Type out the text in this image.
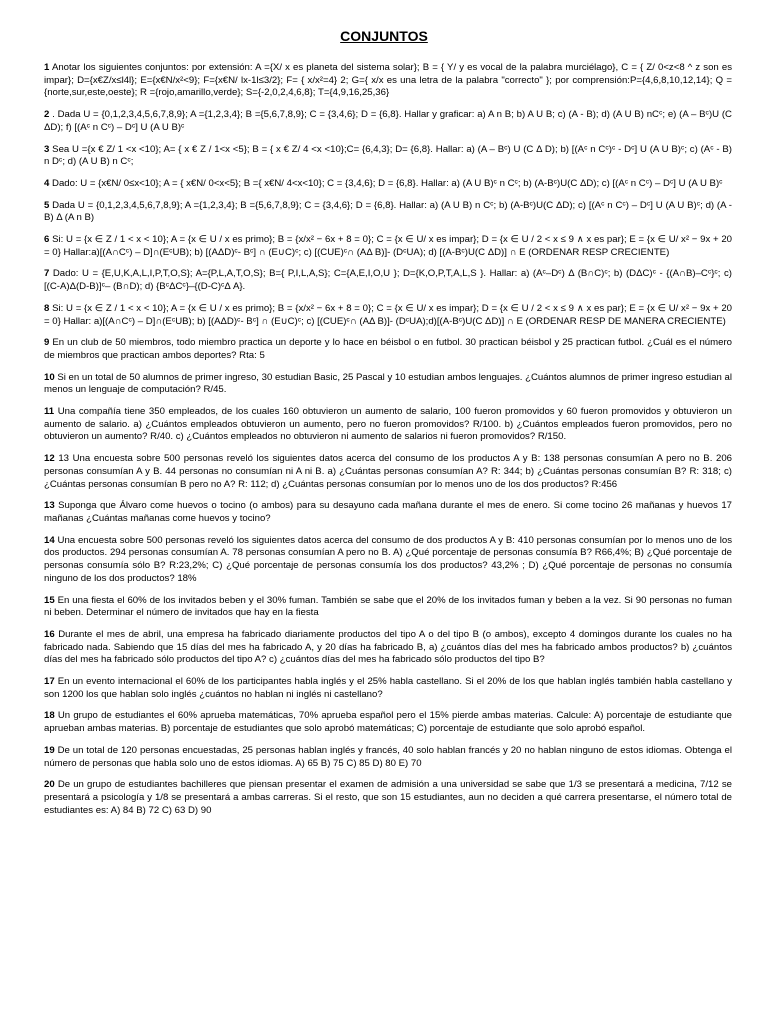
CONJUNTOS

1 Anotar los siguientes conjuntos: por extensión: A ={X/ x es planeta del sistema solar}; B = { Y/ y es vocal de la palabra murciélago}, C = { Z/ 0<z<8 ^ z son es impar}; D={x€Z/x≤l4l}; E={x€N/x²<9}; F={x€N/ lx-1l≤3/2}; F= { x/x²=4} 2; G={ x/x es una letra de la palabra "correcto" }; por comprensión:P={4,6,8,10,12,14}; Q ={norte,sur,este,oeste}; R ={rojo,amarillo,verde}; S={-2,0,2,4,6,8}; T={4,9,16,25,36}

2 . Dada U = {0,1,2,3,4,5,6,7,8,9}; A ={1,2,3,4}; B ={5,6,7,8,9}; C = {3,4,6}; D = {6,8}. Hallar y graficar: a) A n B; b) A U B; c) (A - B); d) (A U B) nCᶜ; e) (A – Bᶜ)U (C ΔD); f) [(Aᶜ n Cᶜ) – Dᶜ] U (A U B)ᶜ

3 Sea U ={x € Z/ 1 <x <10}; A= { x € Z / 1<x <5}; B = { x € Z/ 4 <x <10};C= {6,4,3}; D= {6,8}. Hallar: a) (A – Bᶜ) U (C Δ D); b) [(Aᶜ n Cᶜ)ᶜ - Dᶜ] U (A U B)ᶜ; c) (Aᶜ - B) n Dᶜ; d) (A U B) n Cᶜ;

4 Dado: U = {x€N/ 0≤x<10}; A = { x€N/ 0<x<5}; B ={ x€N/ 4<x<10}; C = {3,4,6}; D = {6,8}. Hallar: a) (A U B)ᶜ n Cᶜ; b) (A-Bᶜ)U(C ΔD); c) [(Aᶜ n Cᶜ) – Dᶜ] U (A U B)ᶜ

5 Dada U = {0,1,2,3,4,5,6,7,8,9}; A ={1,2,3,4}; B ={5,6,7,8,9}; C = {3,4,6}; D = {6,8}. Hallar: a) (A U B) n Cᶜ; b) (A-Bᶜ)U(C ΔD); c) [(Aᶜ n Cᶜ) – Dᶜ] U (A U B)ᶜ; d) (A - B) Δ (A n B)

6 Si: U = {x ∈ Z / 1 < x < 10}; A = {x ∈ U / x es primo}; B = {x/x² − 6x + 8 = 0}; C = {x ∈ U/ x es impar}; D = {x ∈ U / 2 < x ≤ 9 ∧ x es par}; E = {x ∈ U/ x² − 9x + 20 = 0} Hallar:a)[(A∩Cᶜ) – D]∩(EᶜUB); b) [(AΔD)ᶜ- Bᶜ] ∩ (E∪C)ᶜ; c) [(CUE)ᶜ∩ (AΔ B)]- (DᶜUA); d) [(A-Bᶜ)U(C ΔD)] ∩ E (ORDENAR RESP CRECIENTE)

7 Dado: U = {E,U,K,A,L,I,P,T,O,S}; A={P,L,A,T,O,S}; B={ P,I,L,A,S}; C={A,E,I,O,U }; D={K,O,P,T,A,L,S }. Hallar: a) (Aᶜ–Dᶜ) Δ (B∩C)ᶜ; b) (DΔC)ᶜ - {(A∩B)–Cᶜ}ᶜ; c) [(C-A)Δ(D-B)]ᶜ– (B∩D); d) {BᶜΔCᶜ}–{(D-C)ᶜΔ A}.

8 Si: U = {x ∈ Z / 1 < x < 10}; A = {x ∈ U / x es primo}; B = {x/x² − 6x + 8 = 0}; C = {x ∈ U/ x es impar}; D = {x ∈ U / 2 < x ≤ 9 ∧ x es par}; E = {x ∈ U/ x² − 9x + 20 = 0} Hallar: a)[(A∩Cᶜ) – D]∩(EᶜUB); b) [(AΔD)ᶜ- Bᶜ] ∩ (E∪C)ᶜ; c) [(CUE)ᶜ∩ (AΔ B)]- (DᶜUA);d)[(A-Bᶜ)U(C ΔD)] ∩ E (ORDENAR RESP DE MANERA CRECIENTE)

9 En un club de 50 miembros, todo miembro practica un deporte y lo hace en béisbol o en futbol. 30 practican béisbol y 25 practican futbol. ¿Cuál es el número de miembros que practican ambos deportes? Rta: 5

10 Si en un total de 50 alumnos de primer ingreso, 30 estudian Basic, 25 Pascal y 10 estudian ambos lenguajes. ¿Cuántos alumnos de primer ingreso estudian al menos un lenguaje de computación? R/45.

11 Una compañía tiene 350 empleados, de los cuales 160 obtuvieron un aumento de salario, 100 fueron promovidos y 60 fueron promovidos y obtuvieron un aumento de salario. a) ¿Cuántos empleados obtuvieron un aumento, pero no fueron promovidos? R/100. b) ¿Cuántos empleados fueron promovidos, pero no obtuvieron un aumento? R/40. c) ¿Cuántos empleados no obtuvieron ni aumento de salarios ni fueron promovidos? R/150.

12 13 Una encuesta sobre 500 personas reveló los siguientes datos acerca del consumo de los productos A y B: 138 personas consumían A pero no B. 206 personas consumían A y B. 44 personas no consumían ni A ni B. a) ¿Cuántas personas consumían A? R: 344; b) ¿Cuántas personas consumían B? R: 318; c) ¿Cuántas personas consumían B pero no A? R: 112; d) ¿Cuántas personas consumían por lo menos uno de los dos productos? R:456

13 Suponga que Álvaro come huevos o tocino (o ambos) para su desayuno cada mañana durante el mes de enero. Si come tocino 26 mañanas y huevos 17 mañanas ¿Cuántas mañanas come huevos y tocino?

14 Una encuesta sobre 500 personas reveló los siguientes datos acerca del consumo de dos productos A y B: 410 personas consumían por lo menos uno de los dos productos. 294 personas consumían A. 78 personas consumían A pero no B. A) ¿Qué porcentaje de personas consumía B? R66,4%; B) ¿Qué porcentaje de personas consumía sólo B? R:23,2%; C) ¿Qué porcentaje de personas consumía los dos productos? 43,2% ; D) ¿Qué porcentaje de personas no consumía ninguno de los dos productos? 18%

15 En una fiesta el 60% de los invitados beben y el 30% fuman. También se sabe que el 20% de los invitados fuman y beben a la vez. Si 90 personas no fuman ni beben. Determinar el número de invitados que hay en la fiesta

16 Durante el mes de abril, una empresa ha fabricado diariamente productos del tipo A o del tipo B (o ambos), excepto 4 domingos durante los cuales no ha fabricado nada. Sabiendo que 15 días del mes ha fabricado A, y 20 días ha fabricado B, a) ¿cuántos días del mes ha fabricado ambos productos? b) ¿cuántos días del mes ha fabricado sólo productos del tipo A? c) ¿cuántos días del mes ha fabricado sólo productos del tipo B?

17 En un evento internacional el 60% de los participantes habla inglés y el 25% habla castellano. Si el 20% de los que hablan inglés también habla castellano y son 1200 los que hablan solo inglés ¿cuántos no hablan ni inglés ni castellano?

18 Un grupo de estudiantes el 60% aprueba matemáticas, 70% aprueba español pero el 15% pierde ambas materias. Calcule: A) porcentaje de estudiante que aprueban ambas materias. B) porcentaje de estudiantes que solo aprobó matemáticas; C) porcentaje de estudiante que solo aprobó español.

19 De un total de 120 personas encuestadas, 25 personas hablan inglés y francés, 40 solo hablan francés y 20 no hablan ninguno de estos idiomas. Obtenga el número de personas que habla solo uno de estos idiomas. A) 65 B) 75 C) 85 D) 80 E) 70

20 De un grupo de estudiantes bachilleres que piensan presentar el examen de admisión a una universidad se sabe que 1/3 se presentará a medicina, 7/12 se presentará a psicología y 1/8 se presentará a ambas carreras. Si el resto, que son 15 estudiantes, aun no deciden a qué carrera presentarse, el número total de estudiantes es: A) 84 B) 72 C) 63 D) 90
